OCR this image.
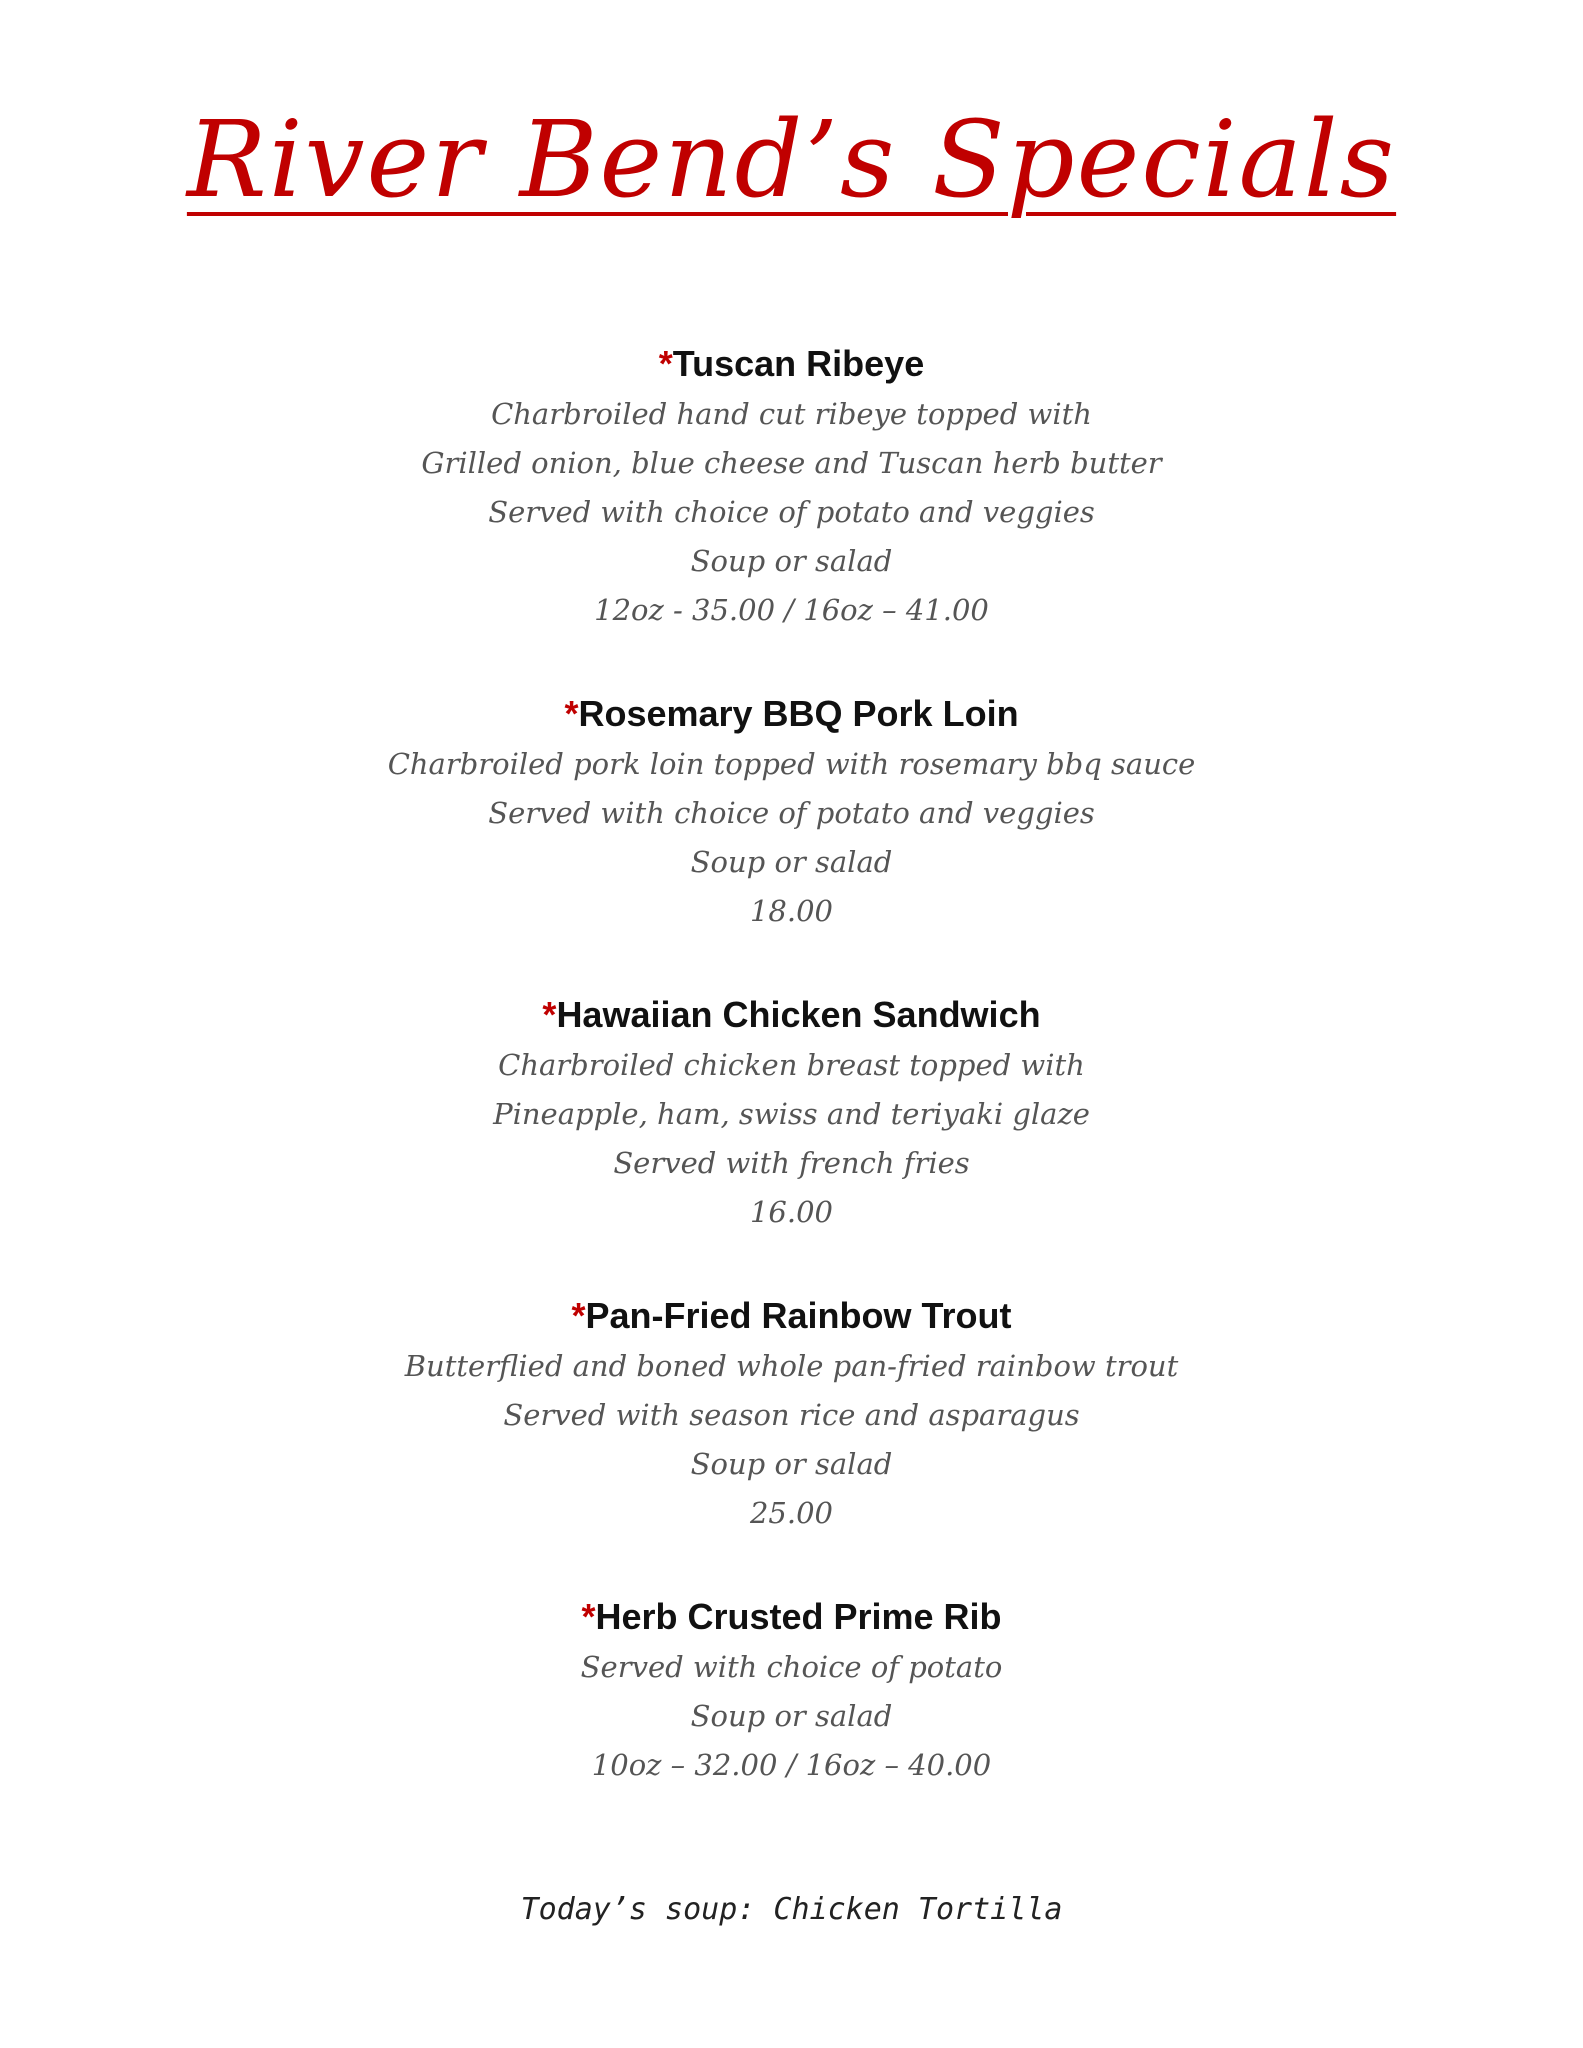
River Bend’s Specials
*Tuscan Ribeye
Charbroiled hand cut ribeye topped with
Grilled onion, blue cheese and Tuscan herb butter
Served with choice of potato and veggies
Soup or salad
12oz - 35.00 / 16oz – 41.00
*Rosemary BBQ Pork Loin
Charbroiled pork loin topped with rosemary bbq sauce
Served with choice of potato and veggies
Soup or salad
18.00
*Hawaiian Chicken Sandwich
Charbroiled chicken breast topped with
Pineapple, ham, swiss and teriyaki glaze
Served with french fries
16.00
*Pan-Fried Rainbow Trout
Butterflied and boned whole pan-fried rainbow trout
Served with season rice and asparagus
Soup or salad
25.00
*Herb Crusted Prime Rib
Served with choice of potato
Soup or salad
10oz – 32.00 / 16oz – 40.00
Today’s soup: Chicken Tortilla
